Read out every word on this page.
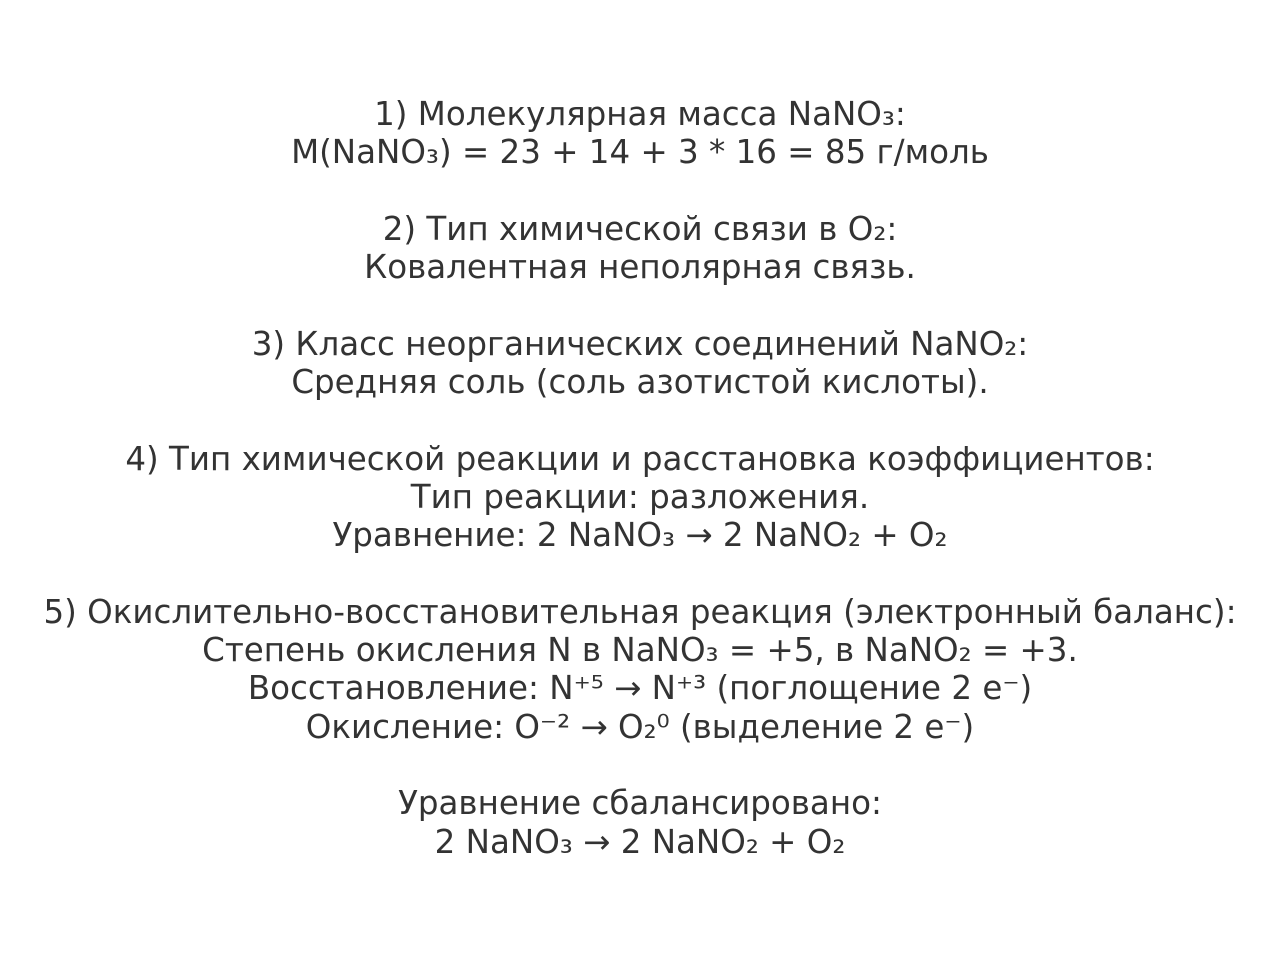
1) Молекулярная масса NaNO₃:
M(NaNO₃) = 23 + 14 + 3 * 16 = 85 г/моль
2) Тип химической связи в O₂:
Ковалентная неполярная связь.
3) Класс неорганических соединений NaNO₂:
Средняя соль (соль азотистой кислоты).
4) Тип химической реакции и расстановка коэффициентов:
Тип реакции: разложения.
Уравнение: 2 NaNO₃ → 2 NaNO₂ + O₂
5) Окислительно-восстановительная реакция (электронный баланс):
Степень окисления N в NaNO₃ = +5, в NaNO₂ = +3.
Восстановление: N⁺⁵ → N⁺³ (поглощение 2 e⁻)
Окисление: O⁻² → O₂⁰ (выделение 2 e⁻)
Уравнение сбалансировано:
2 NaNO₃ → 2 NaNO₂ + O₂
